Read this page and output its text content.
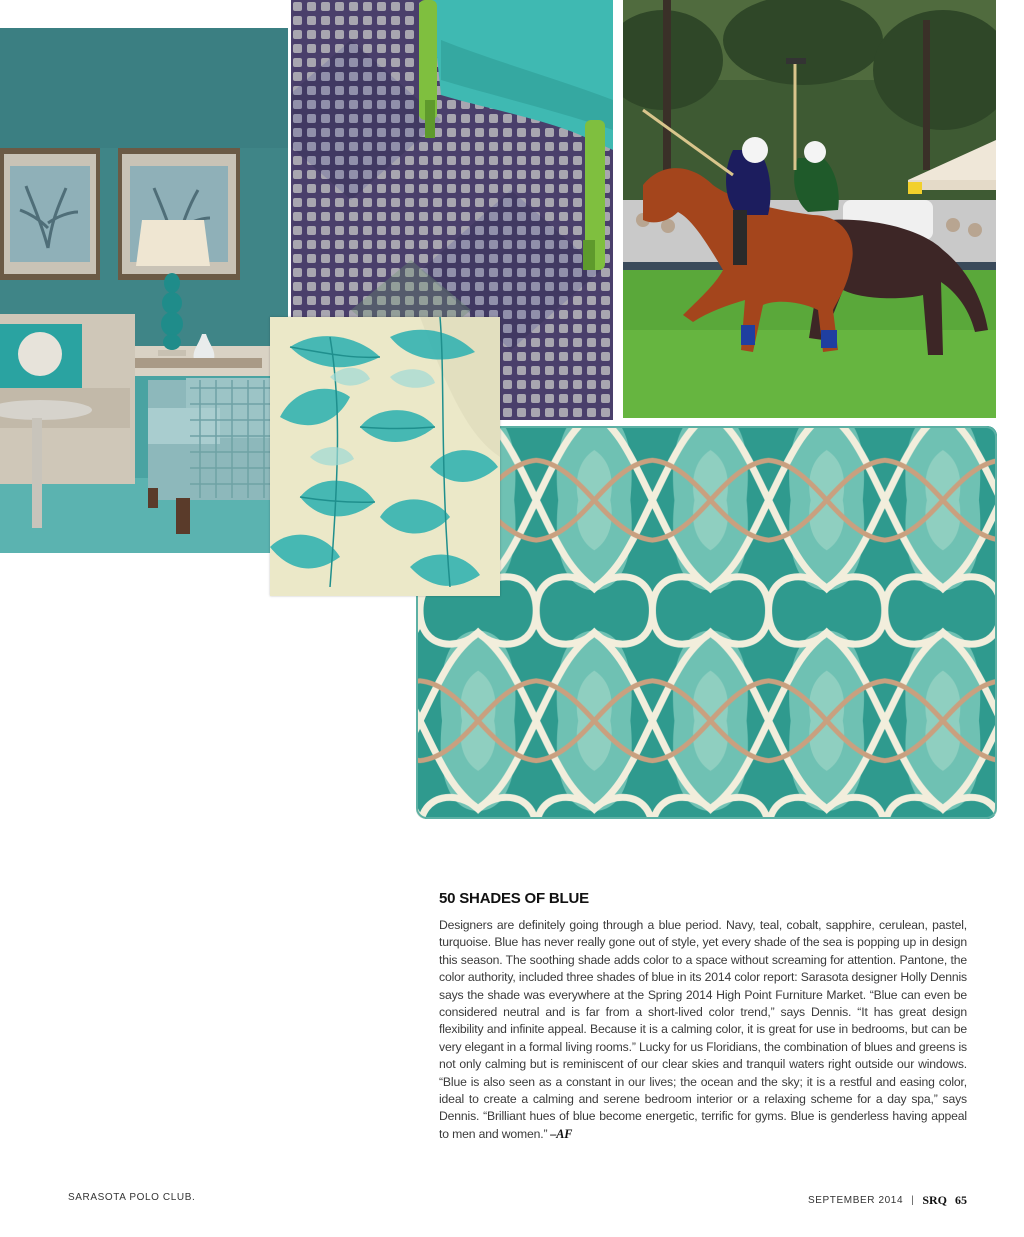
50 SHADES OF BLUE

Designers are definitely going through a blue period. Navy, teal, cobalt, sapphire, cerulean, pastel, turquoise. Blue has never really gone out of style, yet every shade of the sea is popping up in design this season. The soothing shade adds color to a space without screaming for attention. Pantone, the color authority, included three shades of blue in its 2014 color report: Sarasota designer Holly Dennis says the shade was everywhere at the Spring 2014 High Point Furniture Market. “Blue can even be considered neutral and is far from a short-lived color trend,” says Dennis. “It has great design flexibility and infinite appeal. Because it is a calming color, it is great for use in bedrooms, but can be very elegant in a formal living rooms.” Lucky for us Floridians, the combination of blues and greens is not only calming but is reminiscent of our clear skies and tranquil waters right outside our windows. “Blue is also seen as a constant in our lives; the ocean and the sky; it is a restful and easing color, ideal to create a calming and serene bedroom interior or a relaxing scheme for a day spa,” says Dennis. “Brilliant hues of blue become energetic, terrific for gyms. Blue is genderless having appeal to men and women.” –AF

SARASOTA POLO CLUB.	SEPTEMBER 2014 | SRQ 65
